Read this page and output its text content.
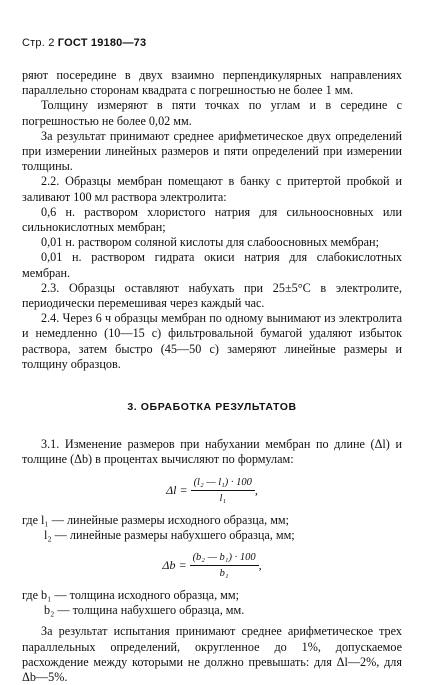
Стр. 2 ГОСТ 19180—73

ряют посередине в двух взаимно перпендикулярных направлениях параллельно сторонам квадрата с погрешностью не более 1 мм.

Толщину измеряют в пяти точках по углам и в середине с погрешностью не более 0,02 мм.

За результат принимают среднее арифметическое двух определений при измерении линейных размеров и пяти определений при измерении толщины.

2.2. Образцы мембран помещают в банку с притертой пробкой и заливают 100 мл раствора электролита:

0,6 н. раствором хлористого натрия для сильноосновных или сильнокислотных мембран;

0,01 н. раствором соляной кислоты для слабоосновных мембран;

0,01 н. раствором гидрата окиси натрия для слабокислотных мембран.

2.3. Образцы оставляют набухать при 25±5°С в электролите, периодически перемешивая через каждый час.

2.4. Через 6 ч образцы мембран по одному вынимают из электролита и немедленно (10—15 с) фильтровальной бумагой удаляют избыток раствора, затем быстро (45—50 с) замеряют линейные размеры и толщину образцов.

3. ОБРАБОТКА РЕЗУЛЬТАТОВ

3.1. Изменение размеров при набухании мембран по длине (Δl) и толщине (Δb) в процентах вычисляют по формулам:

$\Delta l = \frac{\text{(l₂ — l₁) · 100}}{\text{l₁}}$ ,
где l₁ — линейные размеры исходного образца, мм;
l₂ — линейные размеры набухшего образца, мм;
$\Delta b = \frac{\text{(b₂ — b₁) · 100}}{\text{b₁}}$ ,
где b₁ — толщина исходного образца, мм;
b₂ — толщина набухшего образца, мм.

За результат испытания принимают среднее арифметическое трех параллельных определений, округленное до 1%, допускаемое расхождение между которыми не должно превышать: для Δl—2%, для Δb—5%.
